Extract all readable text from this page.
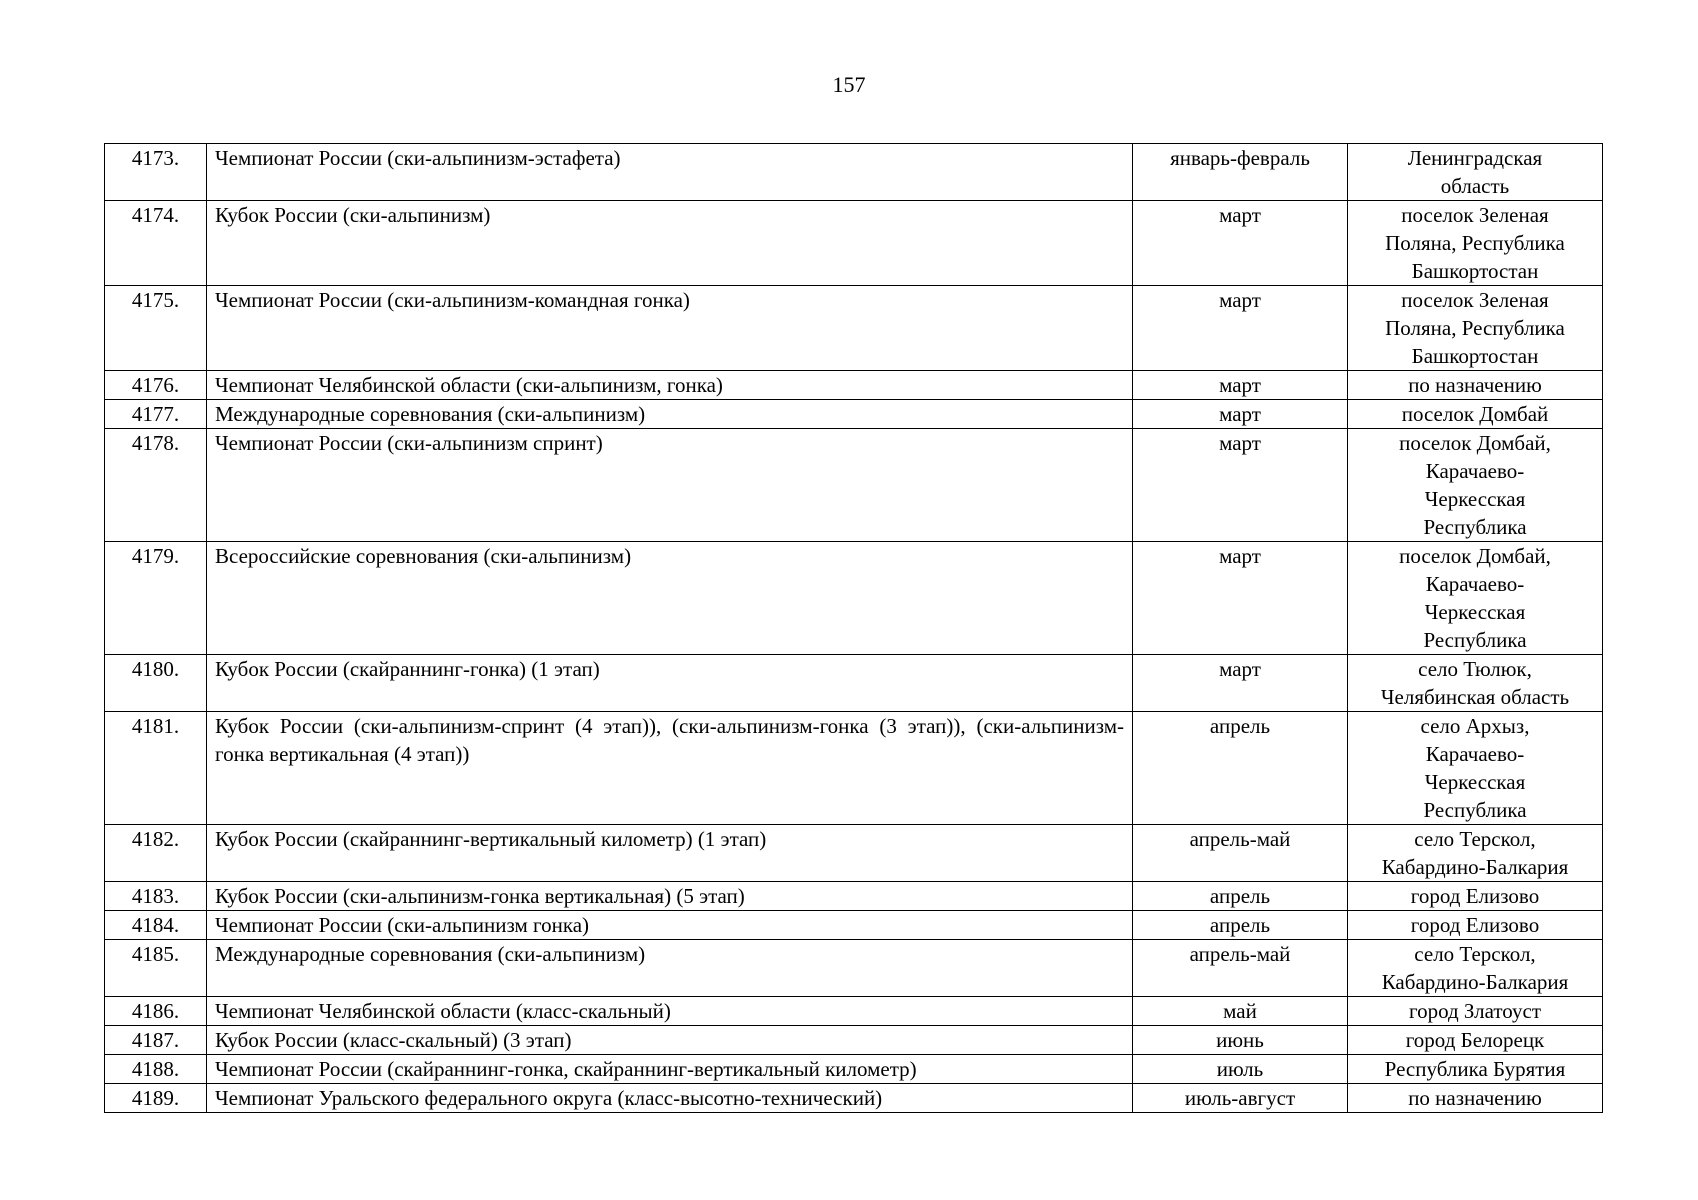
157
4173.	Чемпионат России (ски-альпинизм-эстафета)	январь-февраль	Ленинградская
область
4174.	Кубок России (ски-альпинизм)	март	поселок Зеленая
Поляна, Республика
Башкортостан
4175.	Чемпионат России (ски-альпинизм-командная гонка)	март	поселок Зеленая
Поляна, Республика
Башкортостан
4176.	Чемпионат Челябинской области (ски-альпинизм, гонка)	март	по назначению
4177.	Международные соревнования (ски-альпинизм)	март	поселок Домбай
4178.	Чемпионат России (ски-альпинизм спринт)	март	поселок Домбай,
Карачаево-
Черкесская
Республика
4179.	Всероссийские соревнования (ски-альпинизм)	март	поселок Домбай,
Карачаево-
Черкесская
Республика
4180.	Кубок России (скайраннинг-гонка) (1 этап)	март	село Тюлюк,
Челябинская область
4181.	Кубок России (ски-альпинизм-спринт (4 этап)), (ски-альпинизм-гонка (3 этап)), (ски-альпинизм-гонка вертикальная (4 этап))	апрель	село Архыз,
Карачаево-
Черкесская
Республика
4182.	Кубок России (скайраннинг-вертикальный километр) (1 этап)	апрель-май	село Терскол,
Кабардино-Балкария
4183.	Кубок России (ски-альпинизм-гонка вертикальная) (5 этап)	апрель	город Елизово
4184.	Чемпионат России (ски-альпинизм гонка)	апрель	город Елизово
4185.	Международные соревнования (ски-альпинизм)	апрель-май	село Терскол,
Кабардино-Балкария
4186.	Чемпионат Челябинской области (класс-скальный)	май	город Златоуст
4187.	Кубок России (класс-скальный) (3 этап)	июнь	город Белорецк
4188.	Чемпионат России (скайраннинг-гонка, скайраннинг-вертикальный километр)	июль	Республика Бурятия
4189.	Чемпионат Уральского федерального округа (класс-высотно-технический)	июль-август	по назначению
